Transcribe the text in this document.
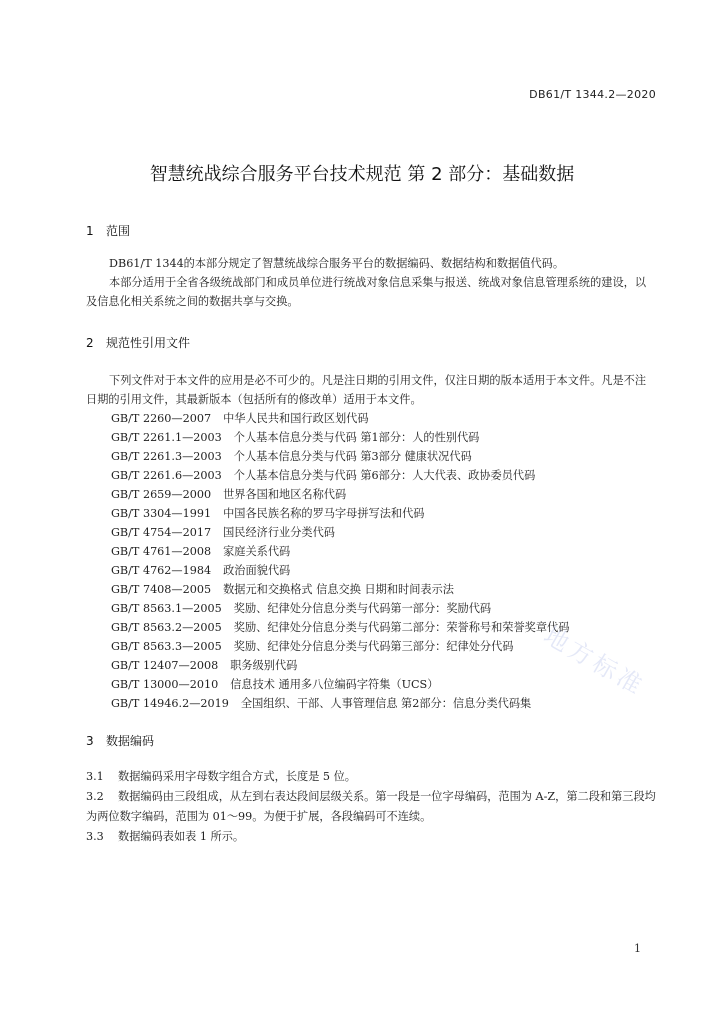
DB61/T 1344.2—2020
智慧统战综合服务平台技术规范 第 2 部分：基础数据
1 范围
DB61/T 1344的本部分规定了智慧统战综合服务平台的数据编码、数据结构和数据值代码。
本部分适用于全省各级统战部门和成员单位进行统战对象信息采集与报送、统战对象信息管理系统的建设，以及信息化相关系统之间的数据共享与交换。
2 规范性引用文件
下列文件对于本文件的应用是必不可少的。凡是注日期的引用文件，仅注日期的版本适用于本文件。凡是不注日期的引用文件，其最新版本（包括所有的修改单）适用于本文件。
GB/T 2260—2007 中华人民共和国行政区划代码
GB/T 2261.1—2003 个人基本信息分类与代码 第1部分：人的性别代码
GB/T 2261.3—2003 个人基本信息分类与代码 第3部分 健康状况代码
GB/T 2261.6—2003 个人基本信息分类与代码 第6部分：人大代表、政协委员代码
GB/T 2659—2000 世界各国和地区名称代码
GB/T 3304—1991 中国各民族名称的罗马字母拼写法和代码
GB/T 4754—2017 国民经济行业分类代码
GB/T 4761—2008 家庭关系代码
GB/T 4762—1984 政治面貌代码
GB/T 7408—2005 数据元和交换格式 信息交换 日期和时间表示法
GB/T 8563.1—2005 奖励、纪律处分信息分类与代码第一部分：奖励代码
GB/T 8563.2—2005 奖励、纪律处分信息分类与代码第二部分：荣誉称号和荣誉奖章代码
GB/T 8563.3—2005 奖励、纪律处分信息分类与代码第三部分：纪律处分代码
GB/T 12407—2008 职务级别代码
GB/T 13000—2010 信息技术 通用多八位编码字符集（UCS）
GB/T 14946.2—2019 全国组织、干部、人事管理信息 第2部分：信息分类代码集
3 数据编码
3.1 数据编码采用字母数字组合方式，长度是 5 位。
3.2 数据编码由三段组成，从左到右表达段间层级关系。第一段是一位字母编码，范围为 A-Z，第二段和第三段均为两位数字编码，范围为 01～99。为便于扩展，各段编码可不连续。
3.3 数据编码表如表 1 所示。
地方标准
1
